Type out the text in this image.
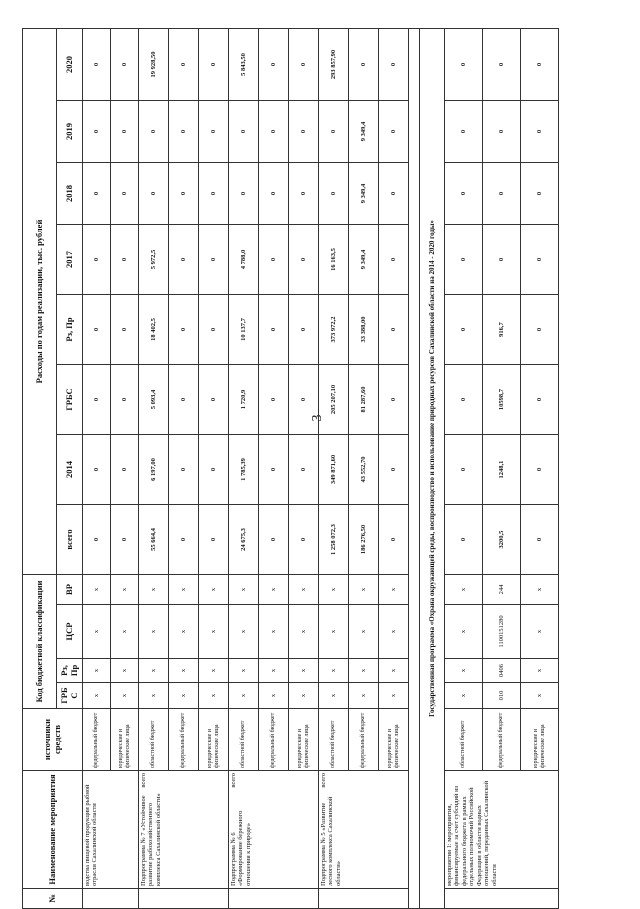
3
№	Наименование мероприятия	источники средств	Код бюджетной классификации				Расходы по годам реализации, тыс. рублей							
			ГРБС	Рз, Пр	ЦСР	ВР	всего	2014	ГРБС	Рз, Пр	2017	2018	2019	2020

	водства пищевой продукции рыбной отрасли Сахалинской области	федеральный бюджет	х	х	х	х	0	0	0	0	0	0	0	0
		юридические и физические лица	х	х	х	х	0	0	0	0	0	0	0	0

	Подпрограмма № 7 «Устойчивое развитие рыбохозяйственного комплекса Сахалинской области»
всего	областной бюджет	х	х	х	х	55 664,4	6 197,00	5 093,4	18 402,5	5 972,5	0	0	19 928,50
		федеральный бюджет	х	х	х	х	0	0	0	0	0	0	0	0
		юридические и физические лица	х	х	х	х	0	0	0	0	0	0	0	0

	Подпрограмма № 6 «Формирование бережного отношения к природе»
всего	областной бюджет	х	х	х	х	24 675,3	1 785,39	1 720,9	10 137,7	4 788,0	0	0	5 843,50
		федеральный бюджет	х	х	х	х	0	0	0	0	0	0	0	0
		юридические и физические лица	х	х	х	х	0	0	0	0	0	0	0	0

	Подпрограмма № 5 «Развитие лесного комплекса Сахалинской области»
всего	областной бюджет	х	х	х	х	1 258 072,3	349 871,60	205 207,10	373 972,2	16 163,5	0	0	293 857,90
		федеральный бюджет	х	х	х	х	186 276,50	43 552,70	81 287,60	33 388,00	9 349,4	9 349,4	9 349,4	0
		юридические и физические лица	х	х	х	х	0	0	0	0	0	0	0	0

Государственная программа «Охрана окружающей среды, воспроизводство и использование природных ресурсов Сахалинской области на 2014 - 2020 годы»														

	мероприятия 1: мероприятия, финансируемые за счет субсидий из федерального бюджета в рамках отдельных полномочий Российской Федерации в области водных отношений, переданных Сахалинской области	областной бюджет	х	х	х	х	0	0	0	0	0	0	0	0
		федеральный бюджет	010	0406	1100151280	244	3200,5	1248,1	10598,7	916,7	0	0	0	0
		юридические и физические лица	х	х	х	х	0	0	0	0	0	0	0	0
